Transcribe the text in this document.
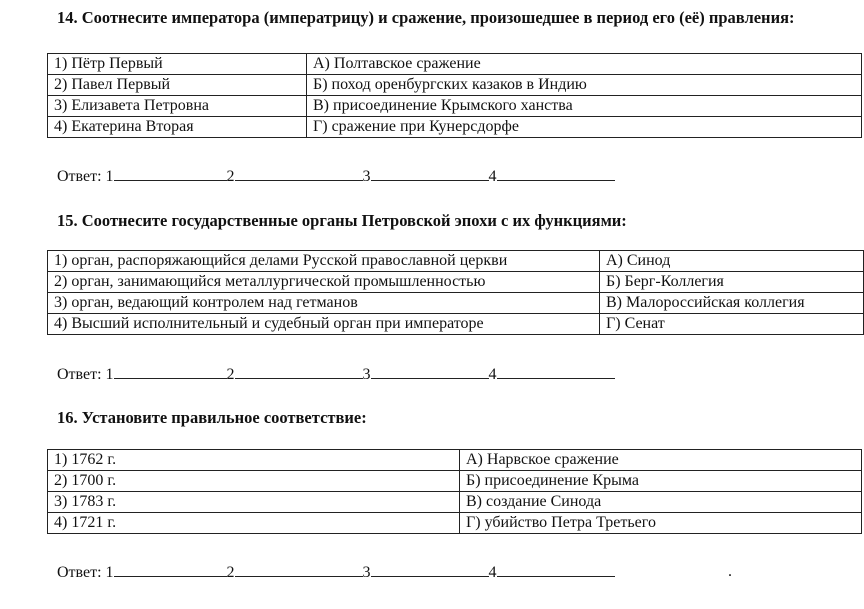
14. Соотнесите императора (императрицу) и сражение, произошедшее в период его (её) правления:
1) Пётр Первый	А) Полтавское сражение
2) Павел Первый	Б) поход оренбургских казаков в Индию
3) Елизавета Петровна	В) присоединение Крымского ханства
4) Екатерина Вторая	Г) сражение при Кунерсдорфе
Ответ: 1	2	3	4
15. Соотнесите государственные органы Петровской эпохи с их функциями:
1) орган, распоряжающийся делами Русской православной церкви	А) Синод
2) орган, занимающийся металлургической промышленностью	Б) Берг-Коллегия
3) орган, ведающий контролем над гетманов	В) Малороссийская коллегия
4) Высший исполнительный и судебный орган при императоре	Г) Сенат
Ответ: 1	2	3	4
16. Установите правильное соответствие:
1) 1762 г.	А) Нарвское сражение
2) 1700 г.	Б) присоединение Крыма
3) 1783 г.	В) создание Синода
4) 1721 г.	Г) убийство Петра Третьего
Ответ: 1	2	3	4	.
